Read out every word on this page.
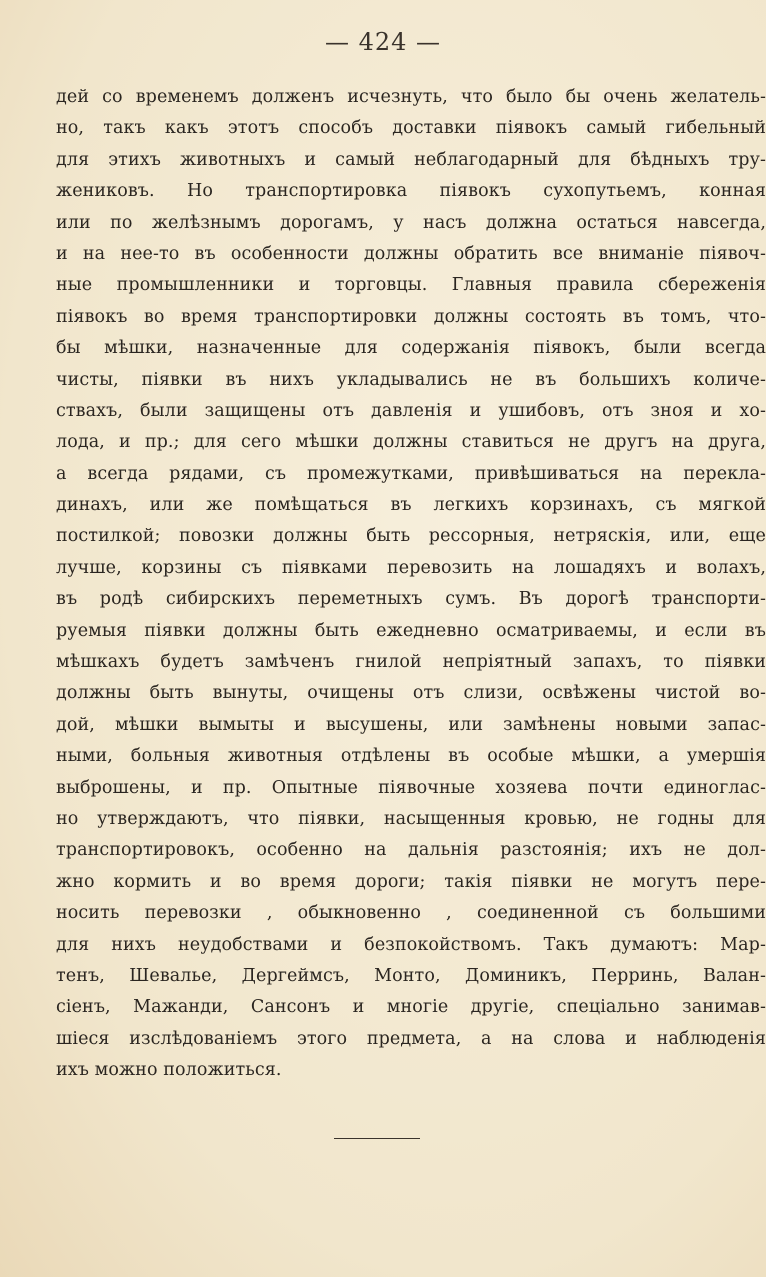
— 424 —
дей со временемъ долженъ исчезнуть, что было бы очень желатель-
но, такъ какъ этотъ способъ доставки піявокъ самый гибельный
для этихъ животныхъ и самый неблагодарный для бѣдныхъ тру-
жениковъ. Но транспортировка піявокъ сухопутьемъ, конная
или по желѣзнымъ дорогамъ, у насъ должна остаться навсегда,
и на нее-то въ особенности должны обратить все вниманіе піявоч-
ные промышленники и торговцы. Главныя правила сбереженія
піявокъ во время транспортировки должны состоять въ томъ, что-
бы мѣшки, назначенные для содержанія піявокъ, были всегда
чисты, піявки въ нихъ укладывались не въ большихъ количе-
ствахъ, были защищены отъ давленія и ушибовъ, отъ зноя и хо-
лода, и пр.; для сего мѣшки должны ставиться не другъ на друга,
а всегда рядами, съ промежутками, привѣшиваться на перекла-
динахъ, или же помѣщаться въ легкихъ корзинахъ, съ мягкой
постилкой; повозки должны быть рессорныя, нетряскія, или, еще
лучше, корзины съ піявками перевозить на лошадяхъ и волахъ,
въ родѣ сибирскихъ переметныхъ сумъ. Въ дорогѣ транспорти-
руемыя піявки должны быть ежедневно осматриваемы, и если въ
мѣшкахъ будетъ замѣченъ гнилой непріятный запахъ, то піявки
должны быть вынуты, очищены отъ слизи, освѣжены чистой во-
дой, мѣшки вымыты и высушены, или замѣнены новыми запас-
ными, больныя животныя отдѣлены въ особые мѣшки, а умершія
выброшены, и пр. Опытные піявочные хозяева почти единоглас-
но утверждаютъ, что піявки, насыщенныя кровью, не годны для
транспортировокъ, особенно на дальнія разстоянія; ихъ не дол-
жно кормить и во время дороги; такія піявки не могутъ пере-
носить перевозки , обыкновенно , соединенной съ большими
для нихъ неудобствами и безпокойствомъ. Такъ думаютъ: Мар-
тенъ, Шевалье, Дергеймсъ, Монто, Доминикъ, Перринь, Валан-
сіенъ, Мажанди, Сансонъ и многіе другіе, спеціально занимав-
шіеся изслѣдованіемъ этого предмета, а на слова и наблюденія
ихъ можно положиться.
